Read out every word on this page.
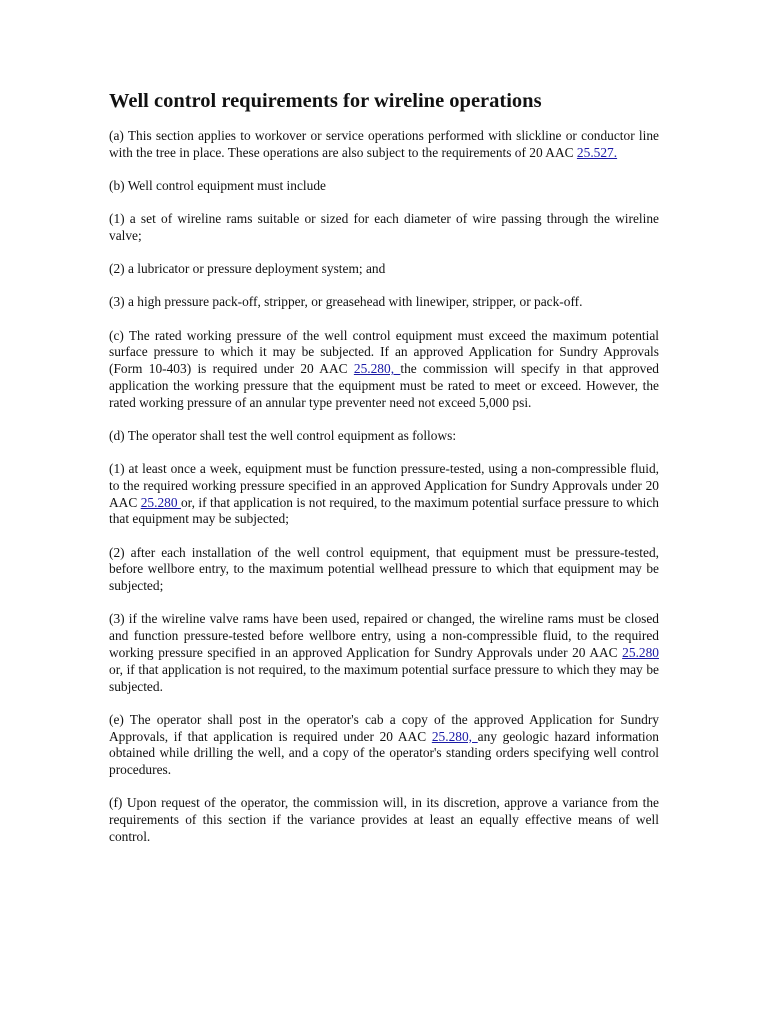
Well control requirements for wireline operations

(a) This section applies to workover or service operations performed with slickline or conductor line with the tree in place. These operations are also subject to the requirements of 20 AAC 25.527.

(b) Well control equipment must include

(1) a set of wireline rams suitable or sized for each diameter of wire passing through the wireline valve;

(2) a lubricator or pressure deployment system; and

(3) a high pressure pack-off, stripper, or greasehead with linewiper, stripper, or pack-off.

(c) The rated working pressure of the well control equipment must exceed the maximum potential surface pressure to which it may be subjected. If an approved Application for Sundry Approvals (Form 10-403) is required under 20 AAC 25.280, the commission will specify in that approved application the working pressure that the equipment must be rated to meet or exceed. However, the rated working pressure of an annular type preventer need not exceed 5,000 psi.

(d) The operator shall test the well control equipment as follows:

(1) at least once a week, equipment must be function pressure-tested, using a non-compressible fluid, to the required working pressure specified in an approved Application for Sundry Approvals under 20 AAC 25.280 or, if that application is not required, to the maximum potential surface pressure to which that equipment may be subjected;

(2) after each installation of the well control equipment, that equipment must be pressure-tested, before wellbore entry, to the maximum potential wellhead pressure to which that equipment may be subjected;

(3) if the wireline valve rams have been used, repaired or changed, the wireline rams must be closed and function pressure-tested before wellbore entry, using a non-compressible fluid, to the required working pressure specified in an approved Application for Sundry Approvals under 20 AAC 25.280 or, if that application is not required, to the maximum potential surface pressure to which they may be subjected.

(e) The operator shall post in the operator's cab a copy of the approved Application for Sundry Approvals, if that application is required under 20 AAC 25.280, any geologic hazard information obtained while drilling the well, and a copy of the operator's standing orders specifying well control procedures.

(f) Upon request of the operator, the commission will, in its discretion, approve a variance from the requirements of this section if the variance provides at least an equally effective means of well control.
